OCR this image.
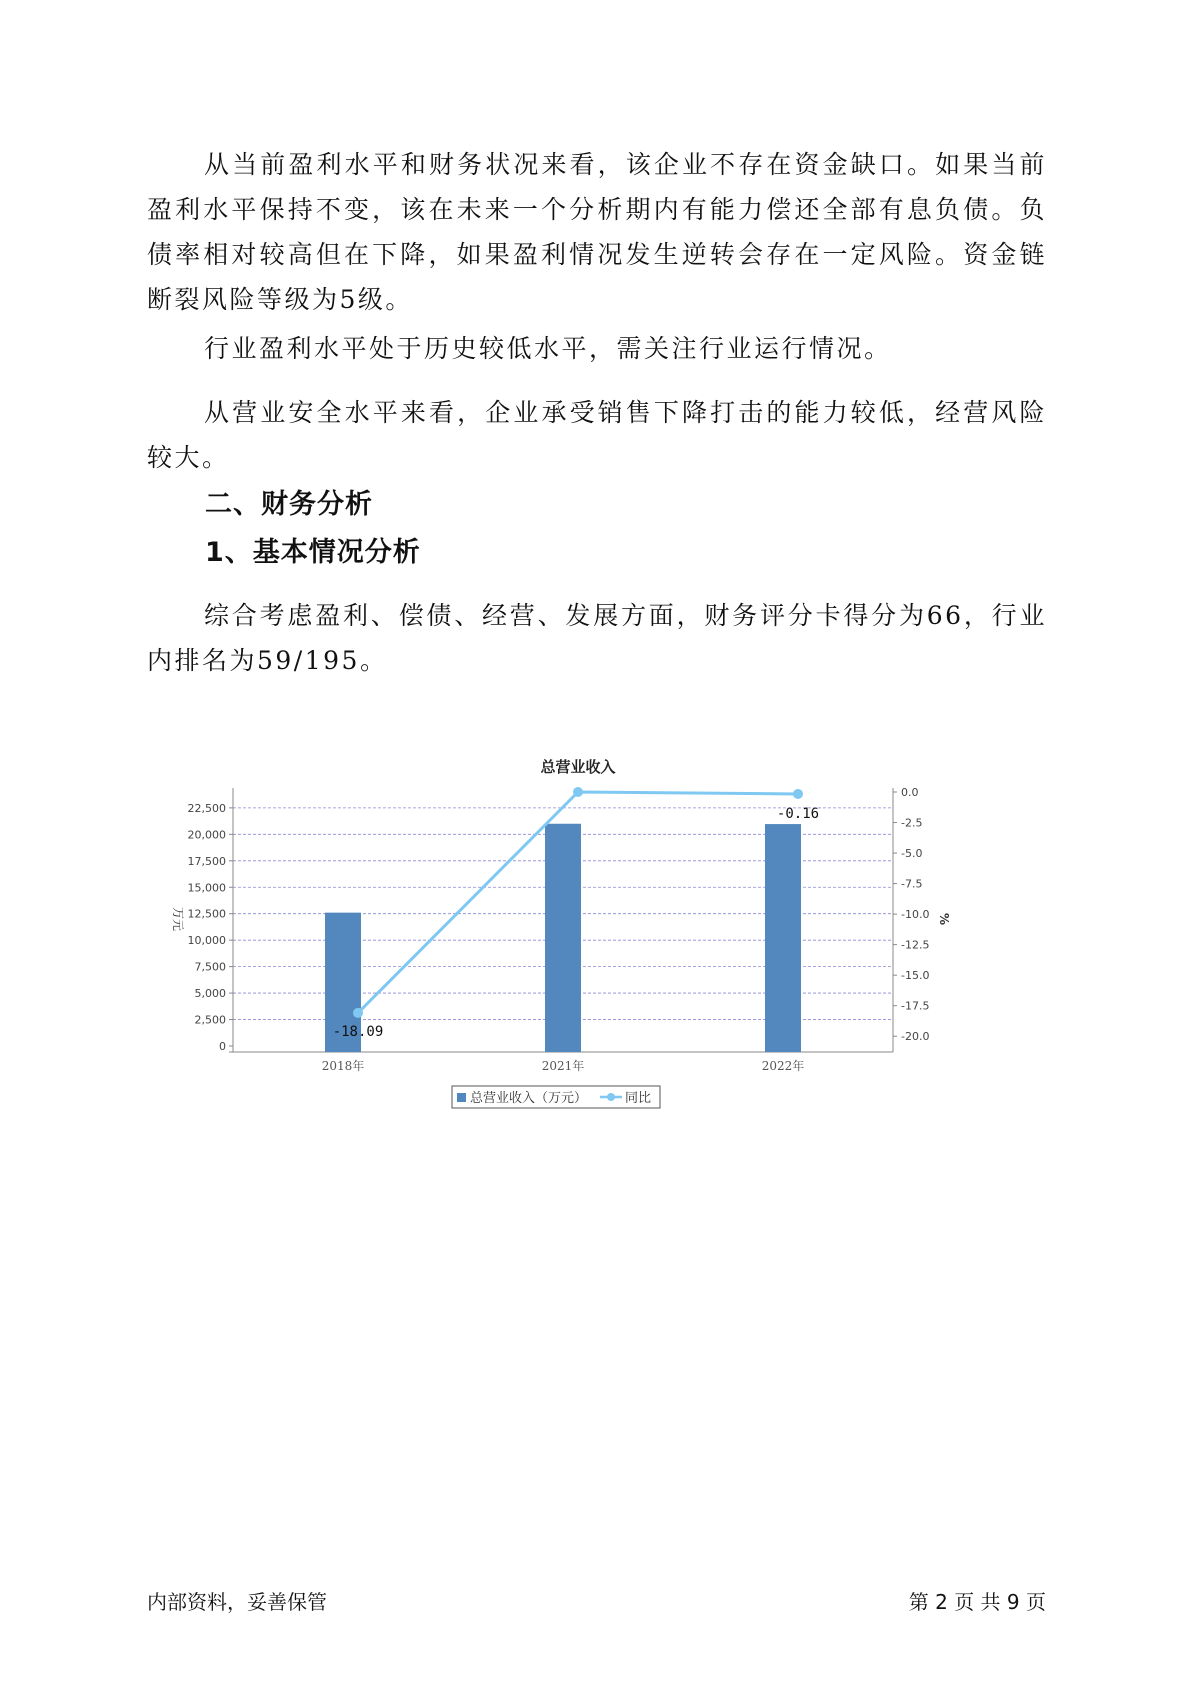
从当前盈利水平和财务状况来看，该企业不存在资金缺口。如果当前盈利水平保持不变，该在未来一个分析期内有能力偿还全部有息负债。负债率相对较高但在下降，如果盈利情况发生逆转会存在一定风险。资金链断裂风险等级为5级。

行业盈利水平处于历史较低水平，需关注行业运行情况。

从营业安全水平来看，企业承受销售下降打击的能力较低，经营风险较大。

二、财务分析
1、基本情况分析

综合考虑盈利、偿债、经营、发展方面，财务评分卡得分为66，行业内排名为59/195。

总营业收入
0
2,500
5,000
7,500
10,000
12,500
15,000
17,500
20,000
22,500
0.0
-2.5
-5.0
-7.5
-10.0
-12.5
-15.0
-17.5
-20.0
万元	%
2018年	2021年	2022年
-18.09
-0.16
总营业收入（万元）	同比
内部资料，妥善保管	第 2 页 共 9 页
